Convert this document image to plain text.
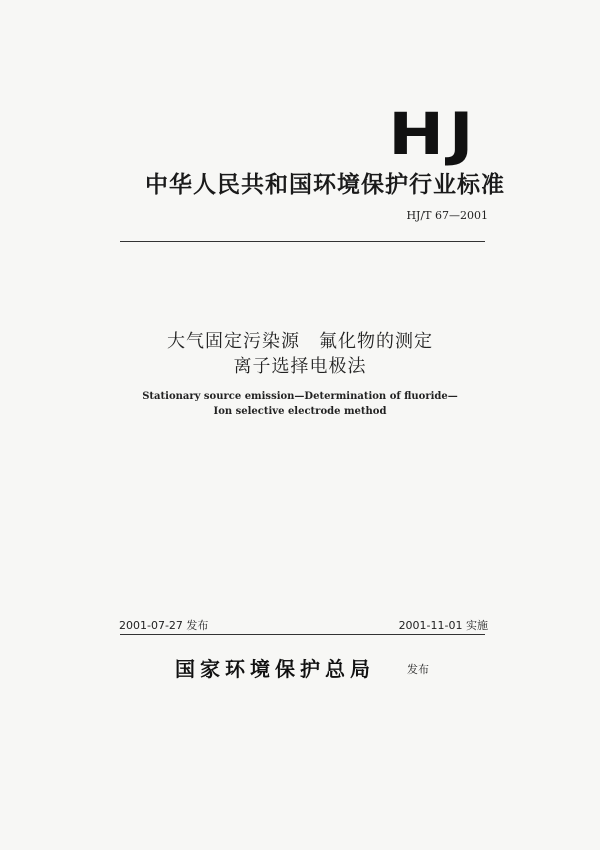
HJ
中华人民共和国环境保护行业标准
HJ/T 67—2001
大气固定污染源　氟化物的测定
离子选择电极法
Stationary source emission—Determination of fluoride—
Ion selective electrode method
2001-07-27 发布	2001-11-01 实施
国家环境保护总局	发布
